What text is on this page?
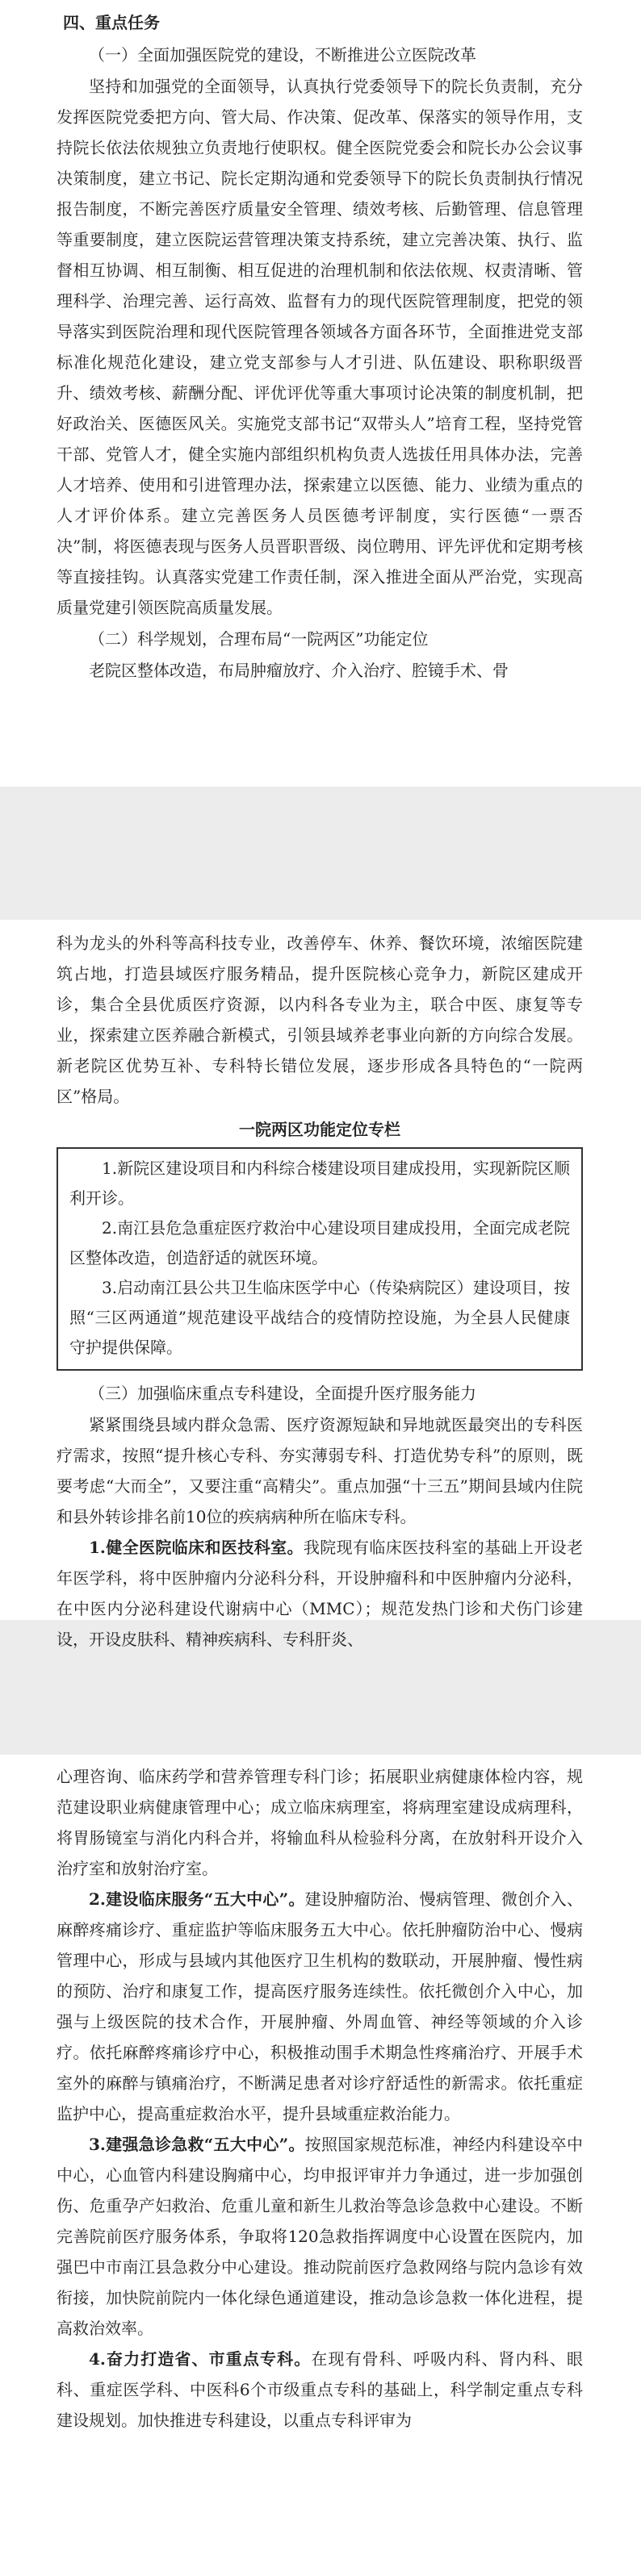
四、重点任务

（一）全面加强医院党的建设，不断推进公立医院改革

坚持和加强党的全面领导，认真执行党委领导下的院长负责制，充分发挥医院党委把方向、管大局、作决策、促改革、保落实的领导作用，支持院长依法依规独立负责地行使职权。健全医院党委会和院长办公会议事决策制度，建立书记、院长定期沟通和党委领导下的院长负责制执行情况报告制度，不断完善医疗质量安全管理、绩效考核、后勤管理、信息管理等重要制度，建立医院运营管理决策支持系统，建立完善决策、执行、监督相互协调、相互制衡、相互促进的治理机制和依法依规、权责清晰、管理科学、治理完善、运行高效、监督有力的现代医院管理制度，把党的领导落实到医院治理和现代医院管理各领域各方面各环节，全面推进党支部标准化规范化建设，建立党支部参与人才引进、队伍建设、职称职级晋升、绩效考核、薪酬分配、评优评优等重大事项讨论决策的制度机制，把好政治关、医德医风关。实施党支部书记“双带头人”培育工程，坚持党管干部、党管人才，健全实施内部组织机构负责人选拔任用具体办法，完善人才培养、使用和引进管理办法，探索建立以医德、能力、业绩为重点的人才评价体系。建立完善医务人员医德考评制度，实行医德“一票否决”制，将医德表现与医务人员晋职晋级、岗位聘用、评先评优和定期考核等直接挂钩。认真落实党建工作责任制，深入推进全面从严治党，实现高质量党建引领医院高质量发展。

（二）科学规划，合理布局“一院两区”功能定位

老院区整体改造，布局肿瘤放疗、介入治疗、腔镜手术、骨

科为龙头的外科等高科技专业，改善停车、休养、餐饮环境，浓缩医院建筑占地，打造县域医疗服务精品，提升医院核心竞争力，新院区建成开诊，集合全县优质医疗资源，以内科各专业为主，联合中医、康复等专业，探索建立医养融合新模式，引领县域养老事业向新的方向综合发展。新老院区优势互补、专科特长错位发展，逐步形成各具特色的“一院两区”格局。

一院两区功能定位专栏

1.新院区建设项目和内科综合楼建设项目建成投用，实现新院区顺利开诊。

2.南江县危急重症医疗救治中心建设项目建成投用，全面完成老院区整体改造，创造舒适的就医环境。

3.启动南江县公共卫生临床医学中心（传染病院区）建设项目，按照“三区两通道”规范建设平战结合的疫情防控设施，为全县人民健康守护提供保障。

（三）加强临床重点专科建设，全面提升医疗服务能力

紧紧围绕县域内群众急需、医疗资源短缺和异地就医最突出的专科医疗需求，按照“提升核心专科、夯实薄弱专科、打造优势专科”的原则，既要考虑“大而全”，又要注重“高精尖”。重点加强“十三五”期间县域内住院和县外转诊排名前10位的疾病病种所在临床专科。

1.健全医院临床和医技科室。我院现有临床医技科室的基础上开设老年医学科，将中医肿瘤内分泌科分科，开设肿瘤科和中医肿瘤内分泌科，在中医内分泌科建设代谢病中心（MMC）；规范发热门诊和犬伤门诊建设，开设皮肤科、精神疾病科、专科肝炎、

心理咨询、临床药学和营养管理专科门诊；拓展职业病健康体检内容，规范建设职业病健康管理中心；成立临床病理室，将病理室建设成病理科，将胃肠镜室与消化内科合并，将输血科从检验科分离，在放射科开设介入治疗室和放射治疗室。

2.建设临床服务“五大中心”。建设肿瘤防治、慢病管理、微创介入、麻醉疼痛诊疗、重症监护等临床服务五大中心。依托肿瘤防治中心、慢病管理中心，形成与县域内其他医疗卫生机构的数联动，开展肿瘤、慢性病的预防、治疗和康复工作，提高医疗服务连续性。依托微创介入中心，加强与上级医院的技术合作，开展肿瘤、外周血管、神经等领域的介入诊疗。依托麻醉疼痛诊疗中心，积极推动围手术期急性疼痛治疗、开展手术室外的麻醉与镇痛治疗，不断满足患者对诊疗舒适性的新需求。依托重症监护中心，提高重症救治水平，提升县域重症救治能力。

3.建强急诊急救“五大中心”。按照国家规范标准，神经内科建设卒中中心，心血管内科建设胸痛中心，均申报评审并力争通过，进一步加强创伤、危重孕产妇救治、危重儿童和新生儿救治等急诊急救中心建设。不断完善院前医疗服务体系，争取将120急救指挥调度中心设置在医院内，加强巴中市南江县急救分中心建设。推动院前医疗急救网络与院内急诊有效衔接，加快院前院内一体化绿色通道建设，推动急诊急救一体化进程，提高救治效率。

4.奋力打造省、市重点专科。在现有骨科、呼吸内科、肾内科、眼科、重症医学科、中医科6个市级重点专科的基础上，科学制定重点专科建设规划。加快推进专科建设，以重点专科评审为
